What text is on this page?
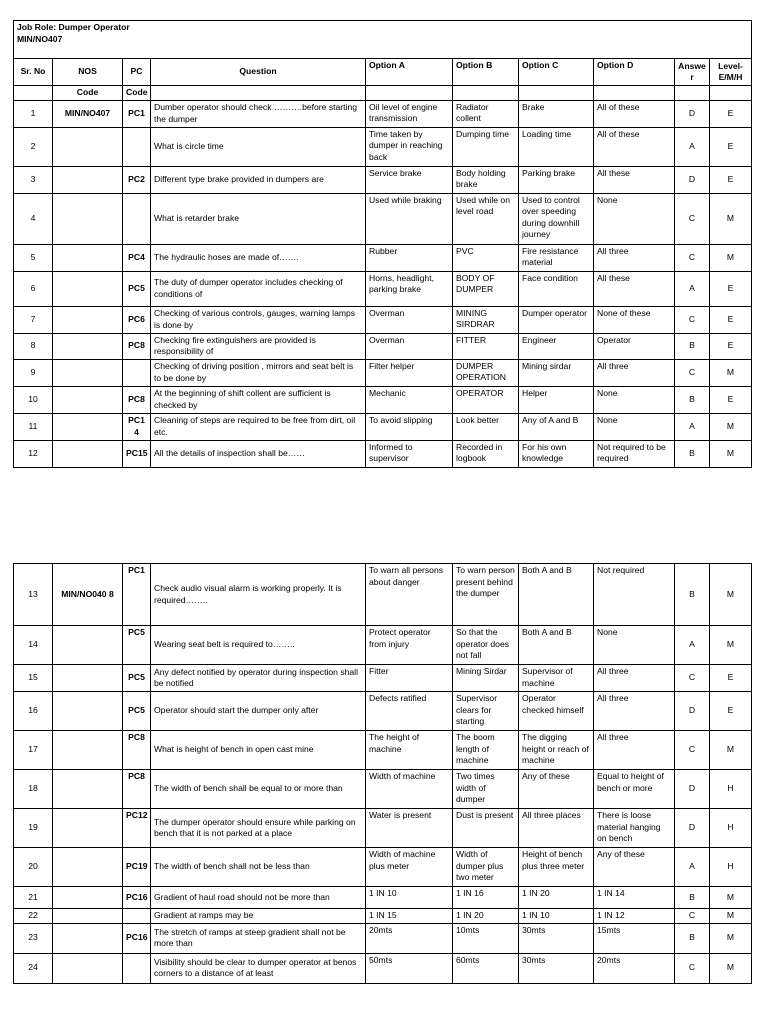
Job Role: Dumper Operator
MIN/NO407									

Sr. No	NOS	PC	Question	Option A	Option B	Option C	Option D	Answe r	Level- E/M/H
	Code	Code							
1	MIN/NO407	PC1	Dumber operator should check ……….before starting the dumper	Oil level of engine transmission	Radiator collent	Brake	All of these	D	E
2			What is circle time	Time taken by dumper in reaching back	Dumping time	Loading time	All of these	A	E
3		PC2	Different type brake provided in dumpers are	Service brake	Body holding brake	Parking brake	All these	D	E
4			What is retarder brake	Used while braking	Used while on level road	Used to control over speeding during downhill journey	None	C	M
5		PC4	The hydraulic hoses are made of…….	Rubber	PVC	Fire resistance material	All three	C	M
6		PC5	The duty of dumper operator includes checking of conditions of	Horns, headlight, parking brake	BODY OF DUMPER	Face condition	All these	A	E
7		PC6	Checking of various controls, gauges, warning lamps is done by	Overman	MINING SIRDRAR	Dumper operator	None of these	C	E
8		PC8	Checking fire extinguishers are provided is responsibility of	Overman	FITTER	Engineer	Operator	B	E
9			Checking of driving position , mirrors and seat belt is to be done by	Filter helper	DUMPER OPERATION	Mining sirdar	All three	C	M
10		PC8	At the beginning of shift collent are sufficient is checked by	Mechanic	OPERATOR	Helper	None	B	E
11		PC1 4	Cleaning of steps are required to be free from dirt, oil etc.	To avoid slipping	Look better	Any of A and B	None	A	M
12		PC15	All the details of inspection shall be……	Informed to supervisor	Recorded in logbook	For his own knowledge	Not required to be required	B	M
13	MIN/NO040 8	PC1	Check audio visual alarm is working properly. It is required……..	To warn all persons about danger	To warn person present behind the dumper	Both A and B	Not required	B	M
14		PC5	Wearing seat belt is required to……..	Protect operator from injury	So that the operator does not fall	Both A and B	None	A	M
15		PC5	Any defect notified by operator during inspection shall be notified	Fitter	Mining Sirdar	Supervisor of machine	All three	C	E
16		PC5	Operator should start the dumper only after	Defects ratified	Supervisor clears for starting	Operator checked himself	All three	D	E
17		PC8	What is height of bench in open cast mine	The height of machine	The boom length of machine	The digging height or reach of machine	All three	C	M
18		PC8	The width of bench shall be equal to or more than	Width of machine	Two times width of dumper	Any of these	Equal to height of bench or more	D	H
19		PC12	The dumper operator should ensure while parking on bench that it is not parked at a place	Water is present	Dust is present	All three places	There is loose material hanging on bench	D	H
20		PC19	The width of bench shall not be less than	Width of machine plus meter	Width of dumper plus two meter	Height of bench plus three meter	Any of these	A	H
21		PC16	Gradient of haul road should not be more than	1 IN 10	1 IN 16	1 IN 20	1 IN 14	B	M
22			Gradient at ramps may be	1 IN 15	1 IN 20	1 IN 10	1 IN 12	C	M
23		PC16	The stretch of ramps at steep gradient shall not be more than	20mts	10mts	30mts	15mts	B	M
24			Visibility should be clear to dumper operator at benos corners to a distance of at least	50mts	60mts	30mts	20mts	C	M
